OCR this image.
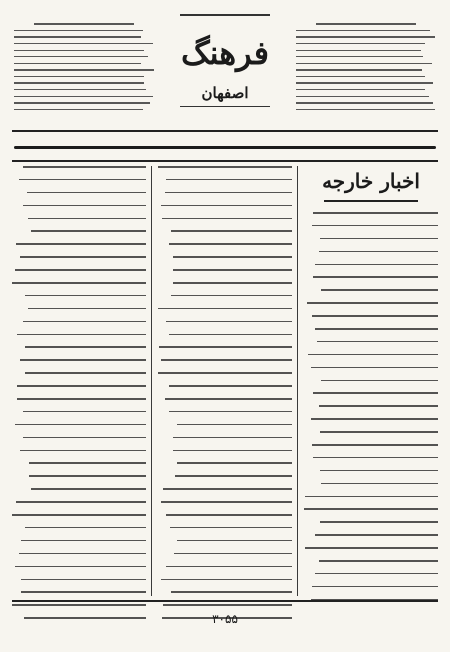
فرهنگ
اصفهان
اخبار خارجه
۳۰۵۵
